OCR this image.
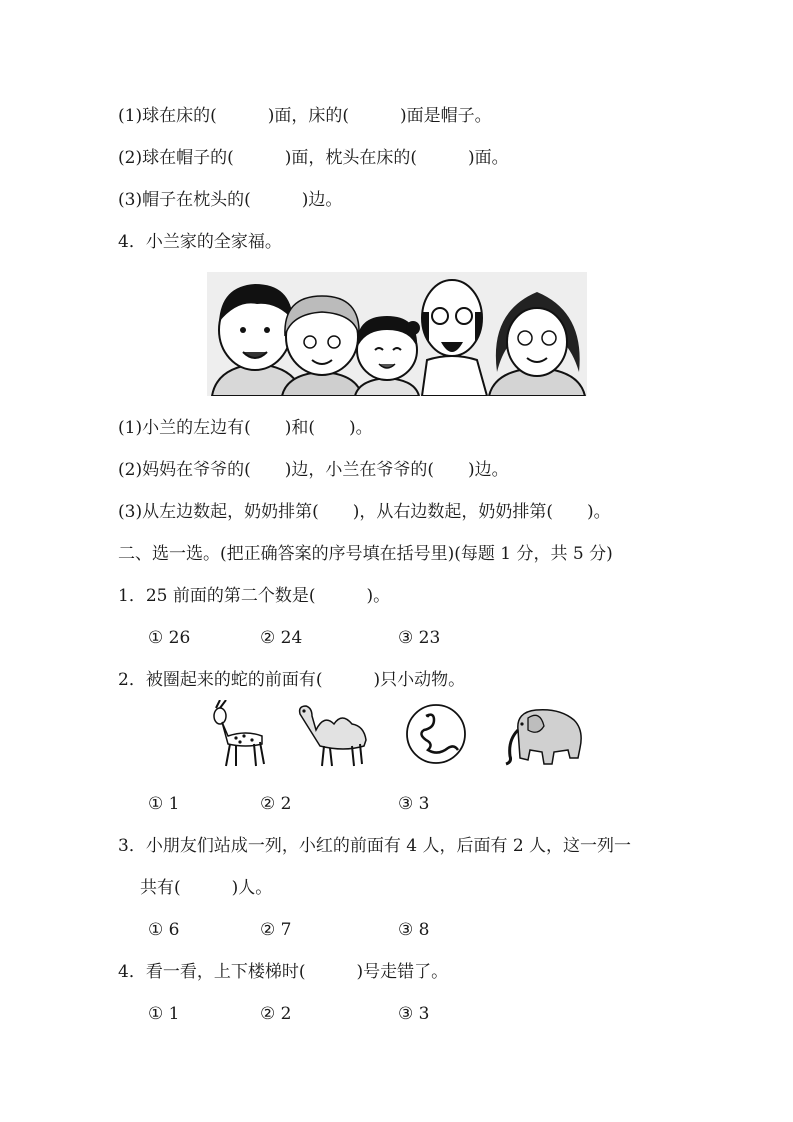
(1)球在床的(　　　)面，床的(　　　)面是帽子。
(2)球在帽子的(　　　)面，枕头在床的(　　　)面。
(3)帽子在枕头的(　　　)边。
4．小兰家的全家福。
(1)小兰的左边有(　　)和(　　)。
(2)妈妈在爷爷的(　　)边，小兰在爷爷的(　　)边。
(3)从左边数起，奶奶排第(　　)，从右边数起，奶奶排第(　　)。
二、选一选。(把正确答案的序号填在括号里)(每题 1 分，共 5 分)
1．25 前面的第二个数是(　　　)。
① 26	② 24	③ 23
2．被圈起来的蛇的前面有(　　　)只小动物。
① 1	② 2	③ 3
3．小朋友们站成一列，小红的前面有 4 人，后面有 2 人，这一列一
共有(　　　)人。
① 6	② 7	③ 8
4．看一看，上下楼梯时(　　　)号走错了。
① 1	② 2	③ 3
